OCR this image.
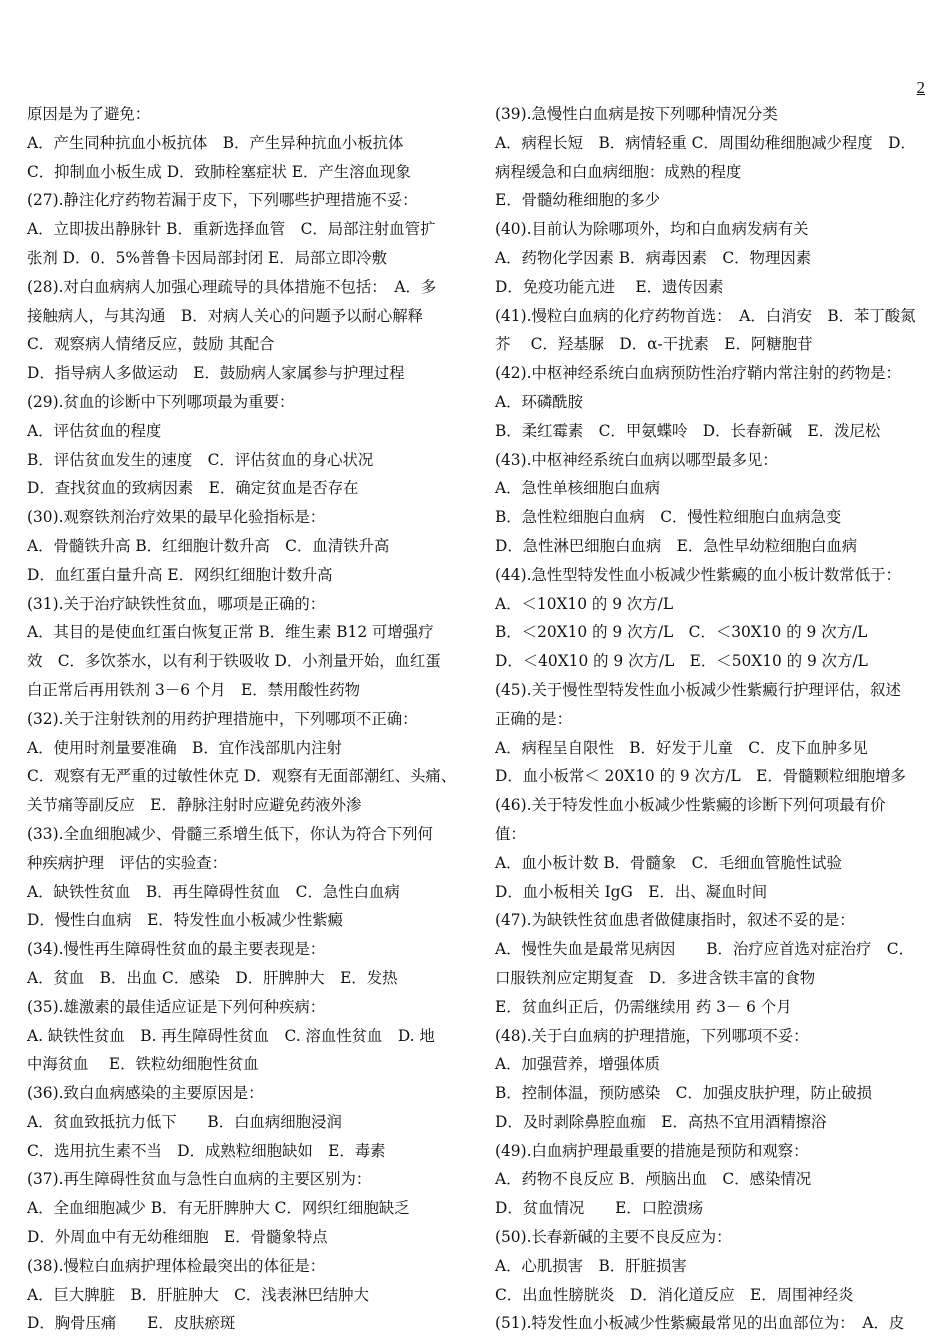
2
原因是为了避免：
A．产生同种抗血小板抗体　B．产生异种抗血小板抗体
C．抑制血小板生成 D．致肺栓塞症状 E．产生溶血现象
(27).静注化疗药物若漏于皮下，下列哪些护理措施不妥：
A．立即拔出静脉针 B．重新选择血管　C．局部注射血管扩
张剂 D．0．5%普鲁卡因局部封闭 E．局部立即冷敷
(28).对白血病病人加强心理疏导的具体措施不包括：　A．多
接触病人，与其沟通　B．对病人关心的问题予以耐心解释
C．观察病人情绪反应，鼓励 其配合
D．指导病人多做运动　E．鼓励病人家属参与护理过程
(29).贫血的诊断中下列哪项最为重要：
A．评估贫血的程度
B．评估贫血发生的速度　C．评估贫血的身心状况
D．查找贫血的致病因素　E．确定贫血是否存在
(30).观察铁剂治疗效果的最早化验指标是：
A．骨髓铁升高 B．红细胞计数升高　C．血清铁升高
D．血红蛋白量升高 E．网织红细胞计数升高
(31).关于治疗缺铁性贫血，哪项是正确的：
A．其目的是使血红蛋白恢复正常 B．维生素 B12 可增强疗
效　C．多饮茶水，以有利于铁吸收 D．小剂量开始，血红蛋
白正常后再用铁剂 3－6 个月　E．禁用酸性药物
(32).关于注射铁剂的用药护理措施中，下列哪项不正确：
A．使用时剂量要准确　B．宜作浅部肌内注射
C．观察有无严重的过敏性休克 D．观察有无面部潮红、头痛、
关节痛等副反应　E．静脉注射时应避免药液外渗
(33).全血细胞减少、骨髓三系增生低下，你认为符合下列何
种疾病护理　评估的实验查：
A．缺铁性贫血　B．再生障碍性贫血　C．急性白血病
D．慢性白血病　E．特发性血小板减少性紫癜
(34).慢性再生障碍性贫血的最主要表现是：
A．贫血　B．出血 C．感染　D．肝脾肿大　E．发热
(35).雄激素的最佳适应证是下列何种疾病：
A. 缺铁性贫血　B. 再生障碍性贫血　C. 溶血性贫血　D. 地
中海贫血　 E．铁粒幼细胞性贫血
(36).致白血病感染的主要原因是：
A．贫血致抵抗力低下　　B．白血病细胞浸润
C．选用抗生素不当　D．成熟粒细胞缺如　E．毒素
(37).再生障碍性贫血与急性白血病的主要区别为：
A．全血细胞减少 B．有无肝脾肿大 C．网织红细胞缺乏
D．外周血中有无幼稚细胞　E．骨髓象特点
(38).慢粒白血病护理体检最突出的体征是：
A．巨大脾脏　B．肝脏肿大　C．浅表淋巴结肿大
D．胸骨压痛　　E．皮肤瘀斑
(39).急慢性白血病是按下列哪种情况分类
A．病程长短　B．病情轻重 C．周围幼稚细胞减少程度　D．
病程缓急和白血病细胞：成熟的程度
E．骨髓幼稚细胞的多少
(40).目前认为除哪项外，均和白血病发病有关
A．药物化学因素 B．病毒因素　C．物理因素
D．免疫功能亢进　 E．遗传因素
(41).慢粒白血病的化疗药物首选：　A．白消安　B．苯丁酸氮
芥　 C．羟基脲　D．α-干扰素　E．阿糖胞苷
(42).中枢神经系统白血病预防性治疗鞘内常注射的药物是：
A．环磷酰胺
B．柔红霉素　C．甲氨蝶呤　D．长春新碱　E．泼尼松
(43).中枢神经系统白血病以哪型最多见：
A．急性单核细胞白血病
B．急性粒细胞白血病　C．慢性粒细胞白血病急变
D．急性淋巴细胞白血病　E．急性早幼粒细胞白血病
(44).急性型特发性血小板减少性紫癜的血小板计数常低于：
A．＜10X10 的 9 次方/L
B．＜20X10 的 9 次方/L　C．＜30X10 的 9 次方/L
D．＜40X10 的 9 次方/L　E．＜50X10 的 9 次方/L
(45).关于慢性型特发性血小板减少性紫癜行护理评估，叙述
正确的是：
A．病程呈自限性　B．好发于儿童　C．皮下血肿多见
D．血小板常＜ 20X10 的 9 次方/L　E．骨髓颗粒细胞增多
(46).关于特发性血小板减少性紫癜的诊断下列何项最有价
值：
A．血小板计数 B．骨髓象　C．毛细血管脆性试验
D．血小板相关 IgG　E．出、凝血时间
(47).为缺铁性贫血患者做健康指时，叙述不妥的是：
A．慢性失血是最常见病因　　B．治疗应首选对症治疗　C．
口服铁剂应定期复查　D．多进含铁丰富的食物
E．贫血纠正后，仍需继续用 药 3－ 6 个月
(48).关于白血病的护理措施，下列哪项不妥：
A．加强营养，增强体质
B．控制体温，预防感染　C．加强皮肤护理，防止破损
D．及时剥除鼻腔血痂　E．高热不宜用酒精擦浴
(49).白血病护理最重要的措施是预防和观察：
A．药物不良反应 B．颅脑出血　C．感染情况
D．贫血情况　　E．口腔溃疡
(50).长春新碱的主要不良反应为：
A．心肌损害　B．肝脏损害
C．出血性膀胱炎　D．消化道反应　E．周围神经炎
(51).特发性血小板减少性紫癜最常见的出血部位为：　A．皮
